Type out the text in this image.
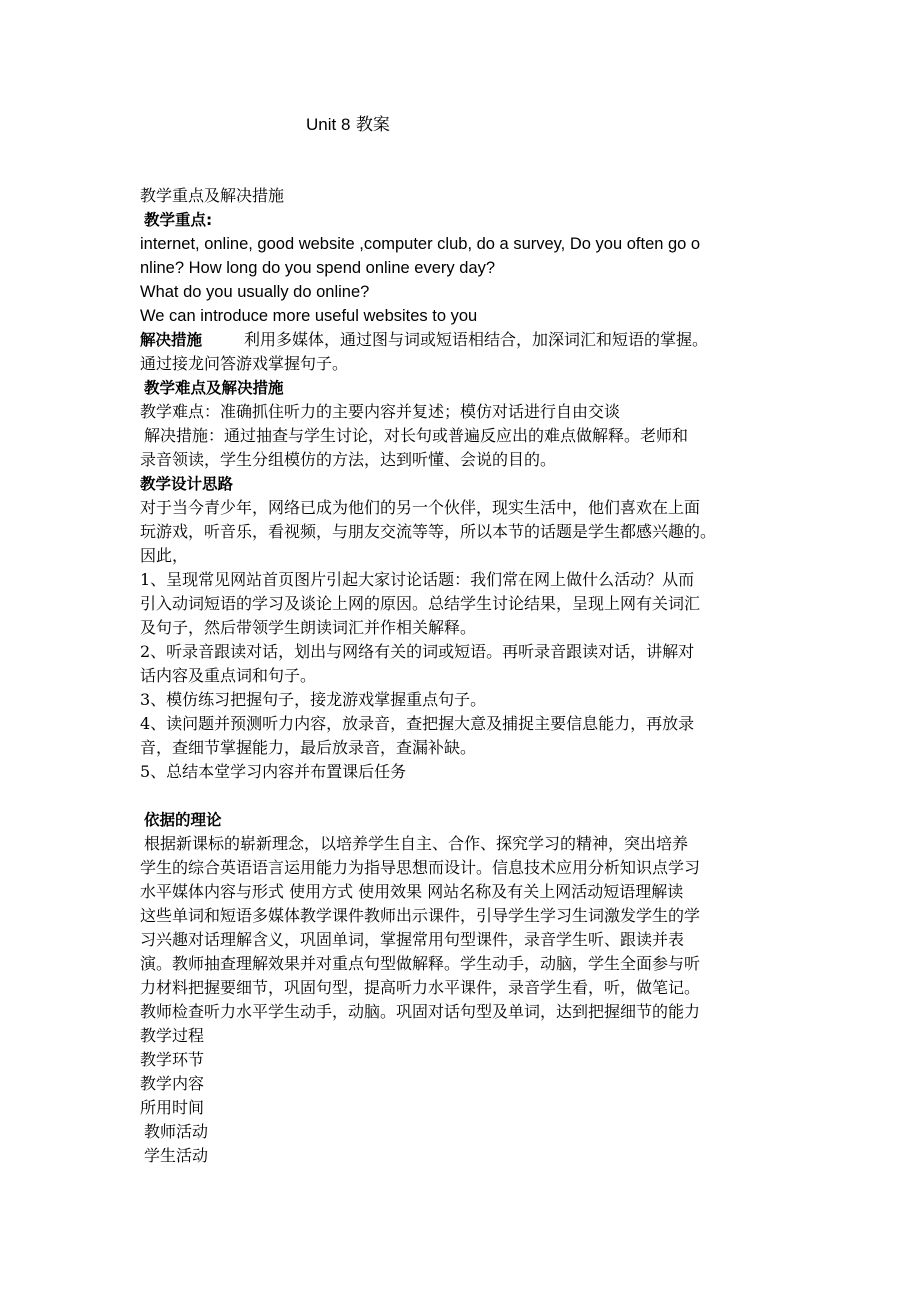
Unit 8 教案
教学重点及解决措施
教学重点:
internet, online, good website ,computer club, do a survey, Do you often go o
nline? How long do you spend online every day?
What do you usually do online?
We can introduce more useful websites to you
解决措施	利用多媒体，通过图与词或短语相结合，加深词汇和短语的掌握。
通过接龙问答游戏掌握句子。
教学难点及解决措施
教学难点：准确抓住听力的主要内容并复述；模仿对话进行自由交谈
解决措施：通过抽查与学生讨论，对长句或普遍反应出的难点做解释。老师和
录音领读，学生分组模仿的方法，达到听懂、会说的目的。
教学设计思路
对于当今青少年，网络已成为他们的另一个伙伴，现实生活中，他们喜欢在上面
玩游戏，听音乐，看视频，与朋友交流等等，所以本节的话题是学生都感兴趣的。
因此，
1、呈现常见网站首页图片引起大家讨论话题：我们常在网上做什么活动？从而
引入动词短语的学习及谈论上网的原因。总结学生讨论结果，呈现上网有关词汇
及句子，然后带领学生朗读词汇并作相关解释。
2、听录音跟读对话，划出与网络有关的词或短语。再听录音跟读对话，讲解对
话内容及重点词和句子。
3、模仿练习把握句子，接龙游戏掌握重点句子。
4、读问题并预测听力内容，放录音，查把握大意及捕捉主要信息能力，再放录
音，查细节掌握能力，最后放录音，查漏补缺。
5、总结本堂学习内容并布置课后任务
依据的理论
根据新课标的崭新理念，以培养学生自主、合作、探究学习的精神，突出培养
学生的综合英语语言运用能力为指导思想而设计。信息技术应用分析知识点学习
水平媒体内容与形式 使用方式 使用效果 网站名称及有关上网活动短语理解读
这些单词和短语多媒体教学课件教师出示课件，引导学生学习生词激发学生的学
习兴趣对话理解含义，巩固单词，掌握常用句型课件，录音学生听、跟读并表
演。教师抽查理解效果并对重点句型做解释。学生动手，动脑，学生全面参与听
力材料把握要细节，巩固句型，提高听力水平课件，录音学生看，听，做笔记。
教师检查听力水平学生动手，动脑。巩固对话句型及单词，达到把握细节的能力
教学过程
教学环节
教学内容
所用时间
教师活动
学生活动
